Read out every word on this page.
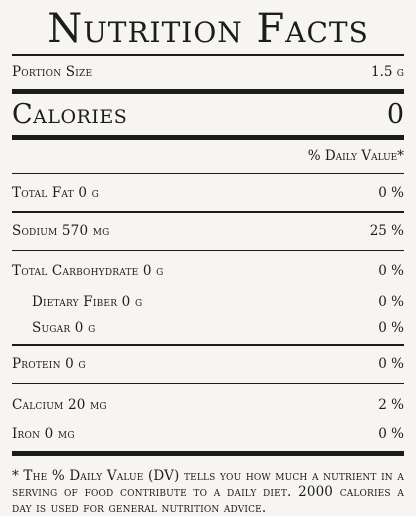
Nutrition Facts
Portion Size	1.5 g
Calories	0
% Daily Value*
Total Fat 0 g	0 %
Sodium 570 mg	25 %
Total Carbohydrate 0 g	0 %
Dietary Fiber 0 g	0 %
Sugar 0 g	0 %
Protein 0 g	0 %
Calcium 20 mg	2 %
Iron 0 mg	0 %

* The % Daily Value (DV) tells you how much a nutrient in a serving of food contribute to a daily diet. 2000 calories a day is used for general nutrition advice.
